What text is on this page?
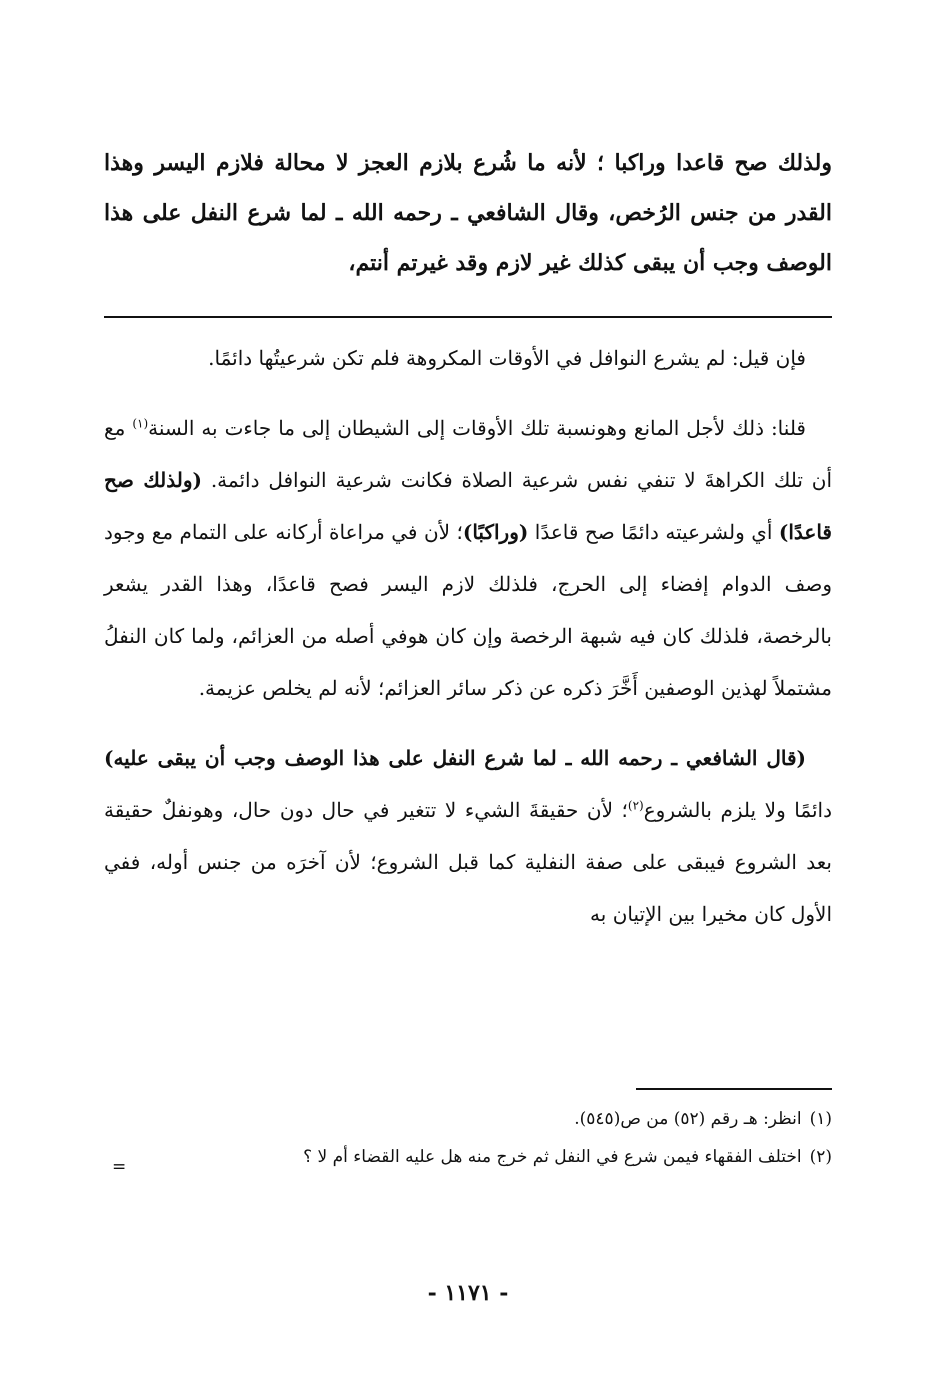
ولذلك صح قاعدا وراكبا ؛ لأنه ما شُرع بلازم العجز لا محالة فلازم اليسر وهذا القدر من جنس الرُخص، وقال الشافعي ـ رحمه الله ـ لما شرع النفل على هذا الوصف وجب أن يبقى كذلك غير لازم وقد غيرتم أنتم،

فإن قيل: لم يشرع النوافل في الأوقات المكروهة فلم تكن شرعيتُها دائمًا.

قلنا: ذلك لأجل المانع وهونسبة تلك الأوقات إلى الشيطان إلى ما جاءت به السنة$^{(١)}$ مع أن تلك الكراهةَ لا تنفي نفس شرعية الصلاة فكانت شرعية النوافل دائمة. (ولذلك صح قاعدًا) أي ولشرعيته دائمًا صح قاعدًا (وراكبًا)؛ لأن في مراعاة أركانه على التمام مع وجود وصف الدوام إفضاء إلى الحرج، فلذلك لازم اليسر فصح قاعدًا، وهذا القدر يشعر بالرخصة، فلذلك كان فيه شبهة الرخصة وإن كان هوفي أصله من العزائم، ولما كان النفلُ مشتملاً لهذين الوصفين أَخَّرَ ذكره عن ذكر سائر العزائم؛ لأنه لم يخلص عزيمة.

(قال الشافعي ـ رحمه الله ـ لما شرع النفل على هذا الوصف وجب أن يبقى عليه) دائمًا ولا يلزم بالشروع$^{(٢)}$؛ لأن حقيقةَ الشيء لا تتغير في حال دون حال، وهونفلٌ حقيقة بعد الشروع فيبقى على صفة النفلية كما قبل الشروع؛ لأن آخرَه من جنس أوله، ففي الأول كان مخيرا بين الإتيان به

(١)انظر: هـ رقم (٥٢) من ص(٥٤٥).

(٢)اختلف الفقهاء فيمن شرع في النفل ثم خرج منه هل عليه القضاء أم لا ؟

=
- ١١٧١ -
